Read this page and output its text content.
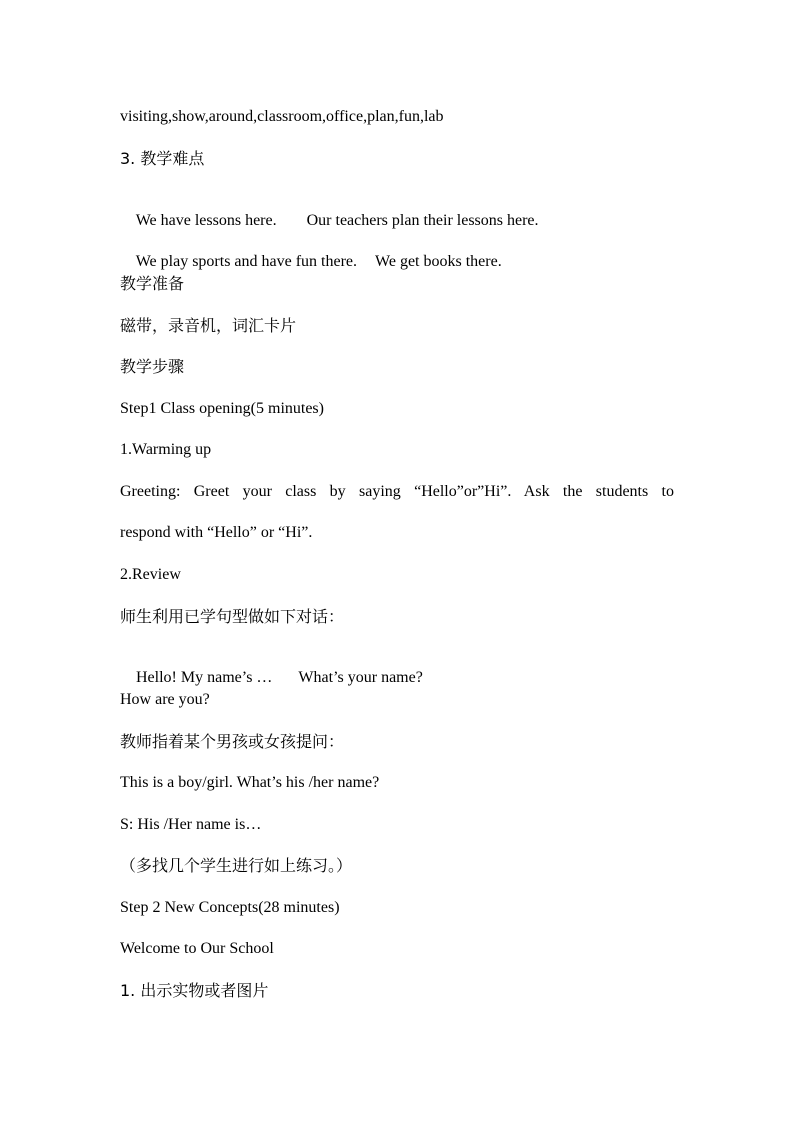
visiting,show,around,classroom,office,plan,fun,lab
3. 教学难点

We have lessons here. Our teachers plan their lessons here.

We play sports and have fun there. We get books there.

教学准备
磁带，录音机，词汇卡片
教学步骤
Step1 Class opening(5 minutes)
1.Warming up
Greeting: Greet your class by saying “Hello”or”Hi”. Ask the students to
respond with “Hello” or “Hi”.
2.Review
师生利用已学句型做如下对话：

Hello! My name’s … What’s your name?

How are you?
教师指着某个男孩或女孩提问：
This is a boy/girl. What’s his /her name?
S: His /Her name is…
（多找几个学生进行如上练习。）
Step 2 New Concepts(28 minutes)
Welcome to Our School
1. 出示实物或者图片
